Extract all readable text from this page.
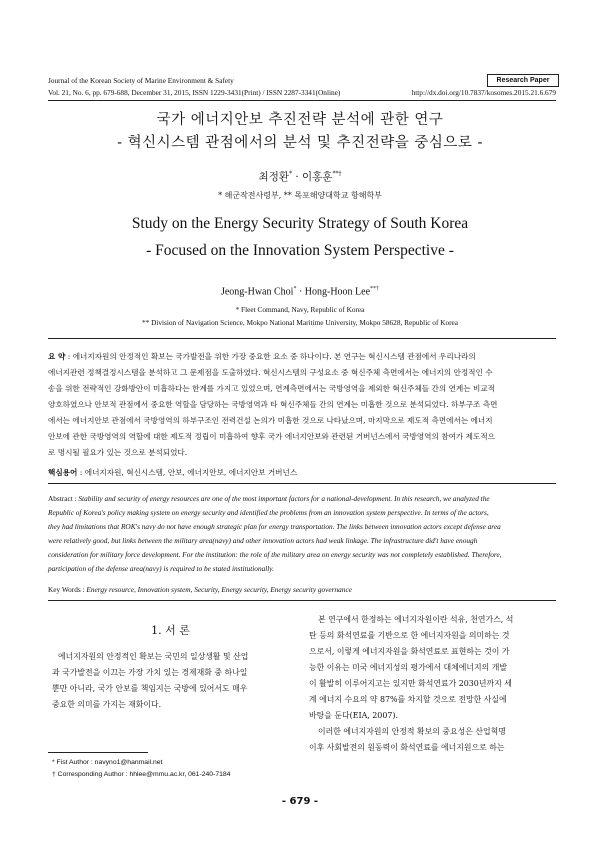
Journal of the Korean Society of Marine Environment & Safety	Research Paper
Vol. 21, No. 6, pp. 679-688, December 31, 2015, ISSN 1229-3431(Print) / ISSN 2287-3341(Online)	http://dx.doi.org/10.7837/kosomes.2015.21.6.679
국가 에너지안보 추진전략 분석에 관한 연구
- 혁신시스템 관점에서의 분석 및 추진전략을 중심으로 -
최정환* · 이홍훈**†
* 해군작전사령부, ** 목포해양대학교 항해학부
Study on the Energy Security Strategy of South Korea
- Focused on the Innovation System Perspective -
Jeong-Hwan Choi* · Hong-Hoon Lee**†
* Fleet Command, Navy, Republic of Korea
** Division of Navigation Science, Mokpo National Maritime University, Mokpo 58628, Republic of Korea
요 약 : 에너지자원의 안정적인 확보는 국가발전을 위한 가장 중요한 요소 중 하나이다. 본 연구는 혁신시스템 관점에서 우리나라의
에너지관련 정책결정시스템을 분석하고 그 문제점을 도출하였다. 혁신시스템의 구성요소 중 혁신주체 측면에서는 에너지의 안정적인 수
송을 위한 전략적인 강화방안이 미흡하다는 한계를 가지고 있었으며, 연계측면에서는 국방영역을 제외한 혁신주체들 간의 연계는 비교적
양호하였으나 안보적 관점에서 중요한 역할을 담당하는 국방영역과 타 혁신주체들 간의 연계는 미흡한 것으로 분석되었다. 하부구조 측면
에서는 에너지안보 관점에서 국방영역의 하부구조인 전력건설 논의가 미흡한 것으로 나타났으며, 마지막으로 제도적 측면에서는 에너지
안보에 관한 국방영역의 역할에 대한 제도적 정립이 미흡하여 향후 국가 에너지안보와 관련된 거버넌스에서 국방영역의 참여가 제도적으
로 명시될 필요가 있는 것으로 분석되었다.
핵심용어 : 에너지자원, 혁신시스템, 안보, 에너지안보, 에너지안보 거버넌스
Abstract : Stability and security of energy resources are one of the most important factors for a national-development. In this research, we analyzed the
Republic of Korea's policy making system on energy security and identified the problems from an innovation system perspective. In terms of the actors,
they had limitations that ROK's navy do not have enough strategic plan for energy transportation. The links between innovation actors except defense area
were relatively good, but links between the military area(navy) and other innovation actors had weak linkage. The infrastructure did't have enough
consideration for military force development. For the institution: the role of the military area on energy security was not completely established. Therefore,
participation of the defense area(navy) is required to be stated institutionally.
Key Words : Energy resource, Innovation system, Security, Energy security, Energy security governance
1. 서 론
에너지자원의 안정적인 확보는 국민의 일상생활 및 산업
과 국가발전을 이끄는 가장 가치 있는 경제재화 중 하나일
뿐만 아니라, 국가 안보를 책임지는 국방에 있어서도 매우
중요한 의미를 가지는 재화이다.
본 연구에서 한정하는 에너지자원이란 석유, 천연가스, 석
탄 등의 화석연료를 기반으로 한 에너지자원을 의미하는 것
으로서, 이렇게 에너지자원을 화석연료로 표현하는 것이 가
능한 이유는 미국 에너지성의 평가에서 대체에너지의 개발
이 활발히 이루어지고는 있지만 화석연료가 2030년까지 세
계 에너지 수요의 약 87%를 차지할 것으로 전망한 사실에
바탕을 둔다(EIA, 2007).
이러한 에너지자원의 안정적 확보의 중요성은 산업혁명
이후 사회발전의 원동력이 화석연료를 에너지원으로 하는
* Fist Author : navyno1@hanmail.net
† Corresponding Author : hhlee@mmu.ac.kr, 061-240-7184
- 679 -
